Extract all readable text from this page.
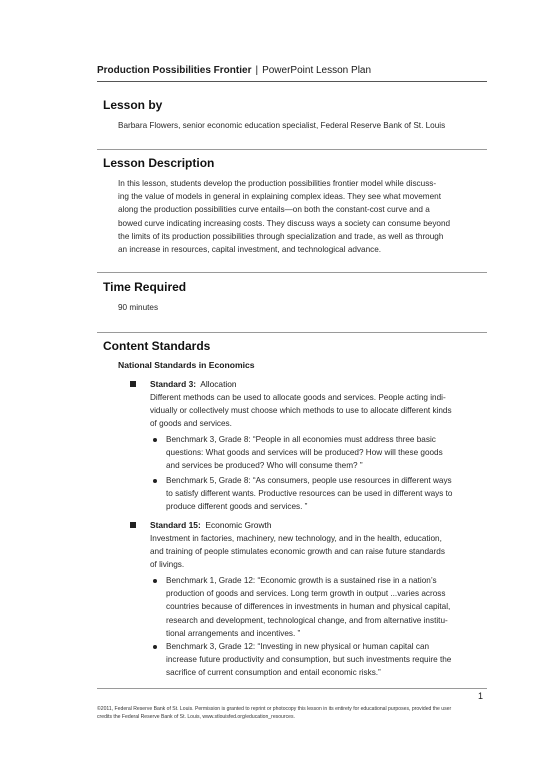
Production Possibilities Frontier | PowerPoint Lesson Plan
Lesson by
Barbara Flowers, senior economic education specialist, Federal Reserve Bank of St. Louis
Lesson Description
In this lesson, students develop the production possibilities frontier model while discuss-
ing the value of models in general in explaining complex ideas. They see what movement
along the production possibilities curve entails—on both the constant-cost curve and a
bowed curve indicating increasing costs. They discuss ways a society can consume beyond
the limits of its production possibilities through specialization and trade, as well as through
an increase in resources, capital investment, and technological advance.
Time Required
90 minutes
Content Standards
National Standards in Economics
Standard 3: Allocation
Different methods can be used to allocate goods and services. People acting indi-
vidually or collectively must choose which methods to use to allocate different kinds
of goods and services.
Benchmark 3, Grade 8: “People in all economies must address three basic
questions: What goods and services will be produced? How will these goods
and services be produced? Who will consume them? ”
Benchmark 5, Grade 8: “As consumers, people use resources in different ways
to satisfy different wants. Productive resources can be used in different ways to
produce different goods and services. ”
Standard 15: Economic Growth
Investment in factories, machinery, new technology, and in the health, education,
and training of people stimulates economic growth and can raise future standards
of livings.
Benchmark 1, Grade 12: “Economic growth is a sustained rise in a nation’s
production of goods and services. Long term growth in output ...varies across
countries because of differences in investments in human and physical capital,
research and development, technological change, and from alternative institu-
tional arrangements and incentives. ”
Benchmark 3, Grade 12: “Investing in new physical or human capital can
increase future productivity and consumption, but such investments require the
sacrifice of current consumption and entail economic risks.”
1
©2011, Federal Reserve Bank of St. Louis. Permission is granted to reprint or photocopy this lesson in its entirety for educational purposes, provided the user
credits the Federal Reserve Bank of St. Louis, www.stlouisfed.org/education_resources.
